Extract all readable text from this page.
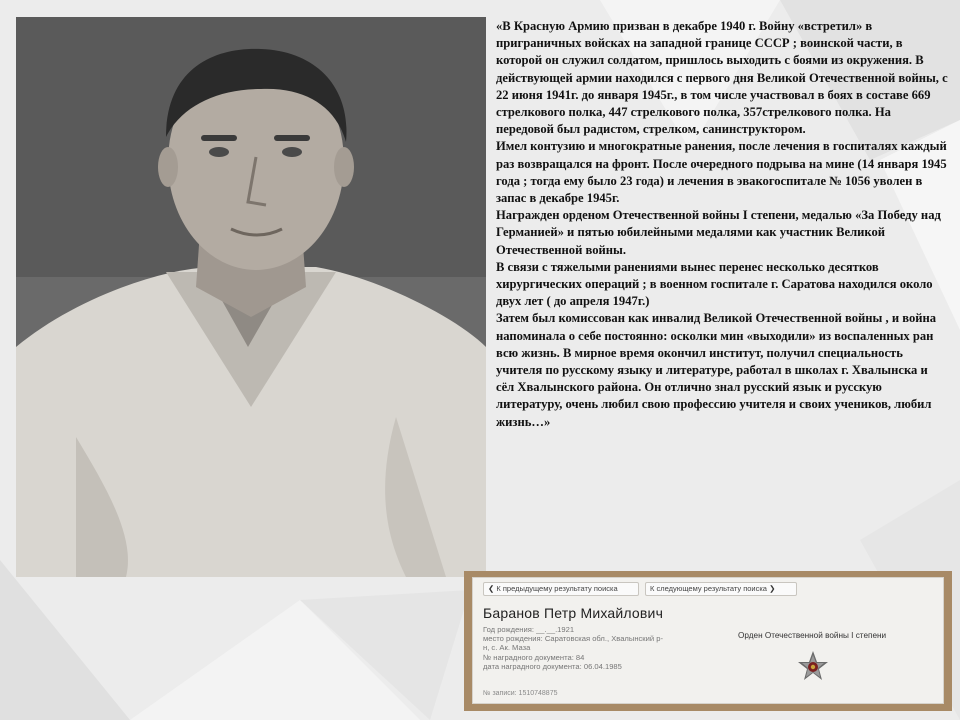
«В Красную Армию призван в декабре 1940 г. Войну «встретил» в приграничных войсках на западной границе СССР ; воинской части, в которой он служил солдатом, пришлось выходить с боями из окружения. В действующей армии находился с первого дня Великой Отечественной войны, с 22 июня 1941г. до января 1945г., в том числе участвовал в боях в составе 669 стрелкового полка, 447 стрелкового полка, 357стрелкового полка. На передовой был радистом, стрелком, санинструктором.
Имел контузию и многократные ранения, после лечения в госпиталях каждый раз возвращался на фронт. После очередного подрыва на мине (14 января 1945 года ; тогда ему было 23 года) и лечения в эвакогоспитале № 1056 уволен в запас в декабре 1945г.
Награжден орденом Отечественной войны I степени, медалью «За Победу над Германией» и пятью юбилейными медалями как участник Великой Отечественной войны.
В связи с тяжелыми ранениями вынес перенес несколько десятков хирургических операций ; в военном госпитале г. Саратова находился около двух лет ( до апреля 1947г.)
Затем был комиссован как инвалид Великой Отечественной войны , и война напоминала о себе постоянно: осколки мин «выходили» из воспаленных ран всю жизнь. В мирное время окончил институт, получил специальность учителя по русскому языку и литературе, работал в школах г. Хвалынска и сёл Хвалынского района. Он отлично знал русский язык и русскую литературу, очень любил свою профессию учителя и своих учеников, любил жизнь…»
❮ К предыдущему результату поиска	К следующему результату поиска ❯
Баранов Петр Михайлович
Год рождения: __.__.1921
место рождения: Саратовская обл., Хвалынский р-
н, с. Ак. Маза
№ наградного документа: 84
дата наградного документа: 06.04.1985
Орден Отечественной войны I степени
№ записи: 1510748875
